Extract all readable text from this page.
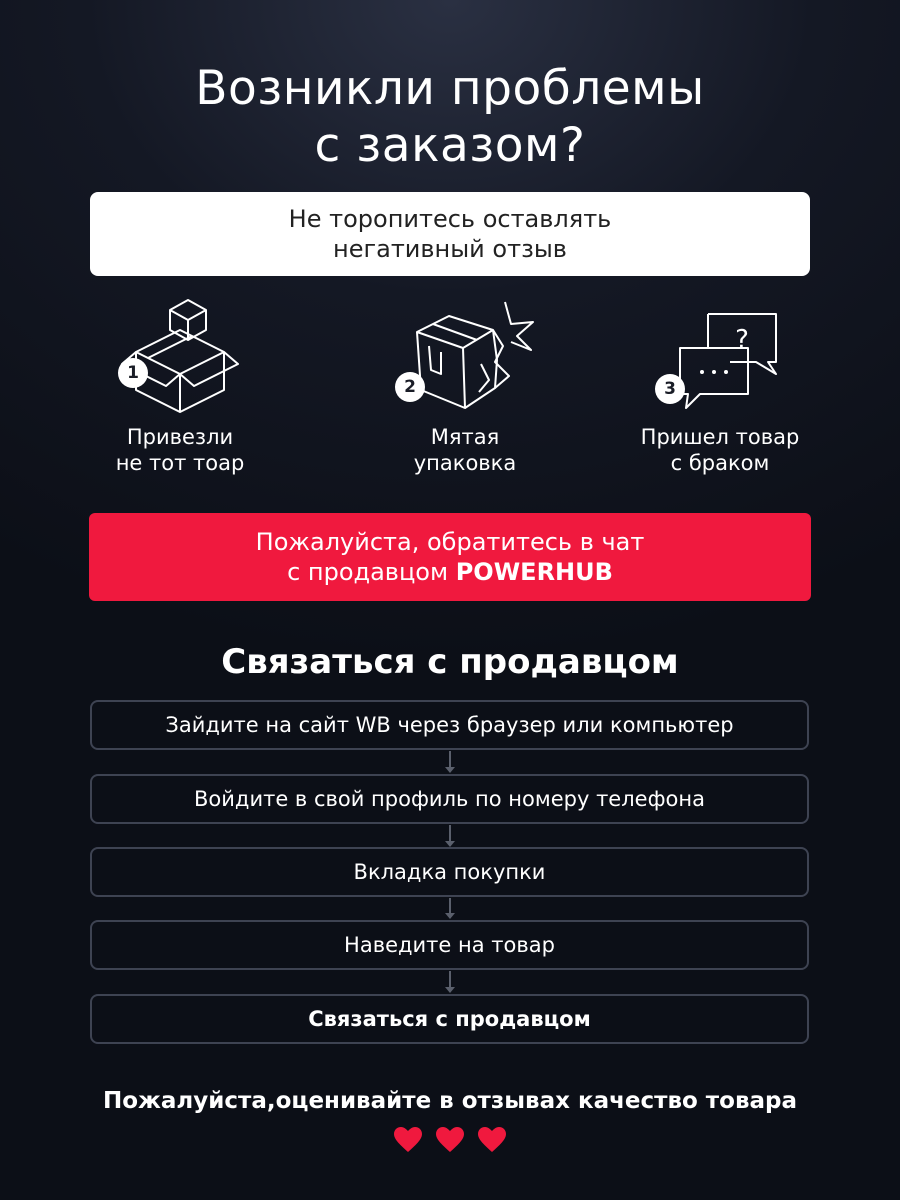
Возникли проблемы
с заказом?
Не торопитесь оставлять
негативный отзыв
1
Привезли
не тот тоар
2
Мятая
упаковка
?
3
Пришел товар
с браком
Пожалуйста, обратитесь в чат
с продавцом POWERHUB
Связаться с продавцом
Зайдите на сайт WB через браузер или компьютер
Войдите в свой профиль по номеру телефона
Вкладка покупки
Наведите на товар
Связаться с продавцом
Пожалуйста,оценивайте в отзывах качество товара
